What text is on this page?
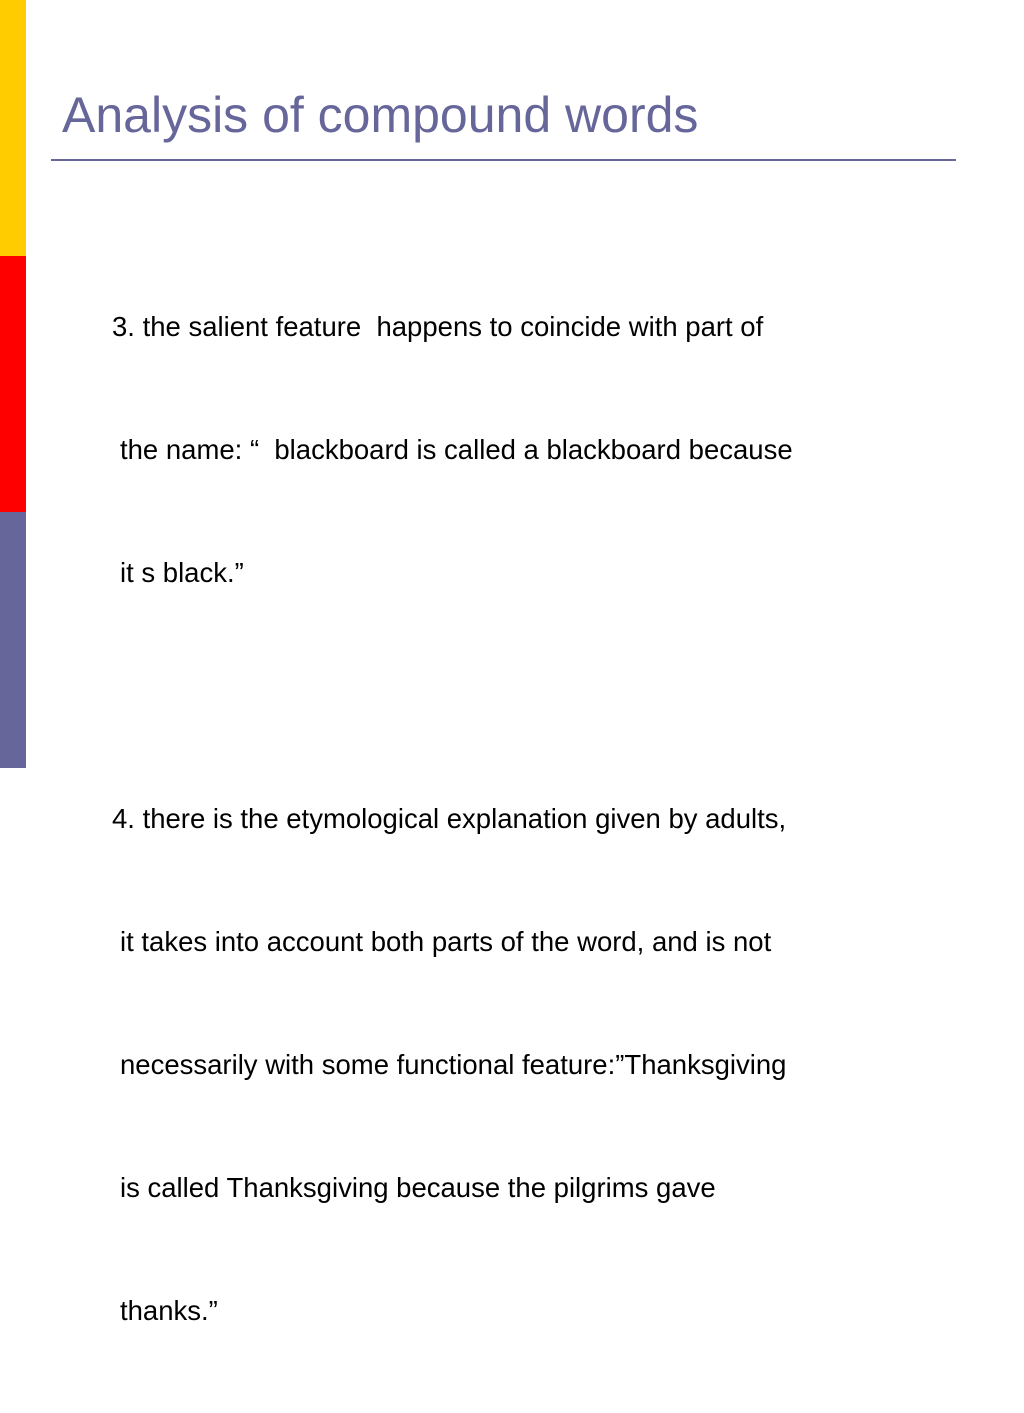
Analysis of compound words

3. the salient feature  happens to coincide with part of

the name: “  blackboard is called a blackboard because

it s black.”

4. there is the etymological explanation given by adults,

it takes into account both parts of the word, and is not

necessarily with some functional feature:”Thanksgiving

is called Thanksgiving because the pilgrims gave

thanks.”
